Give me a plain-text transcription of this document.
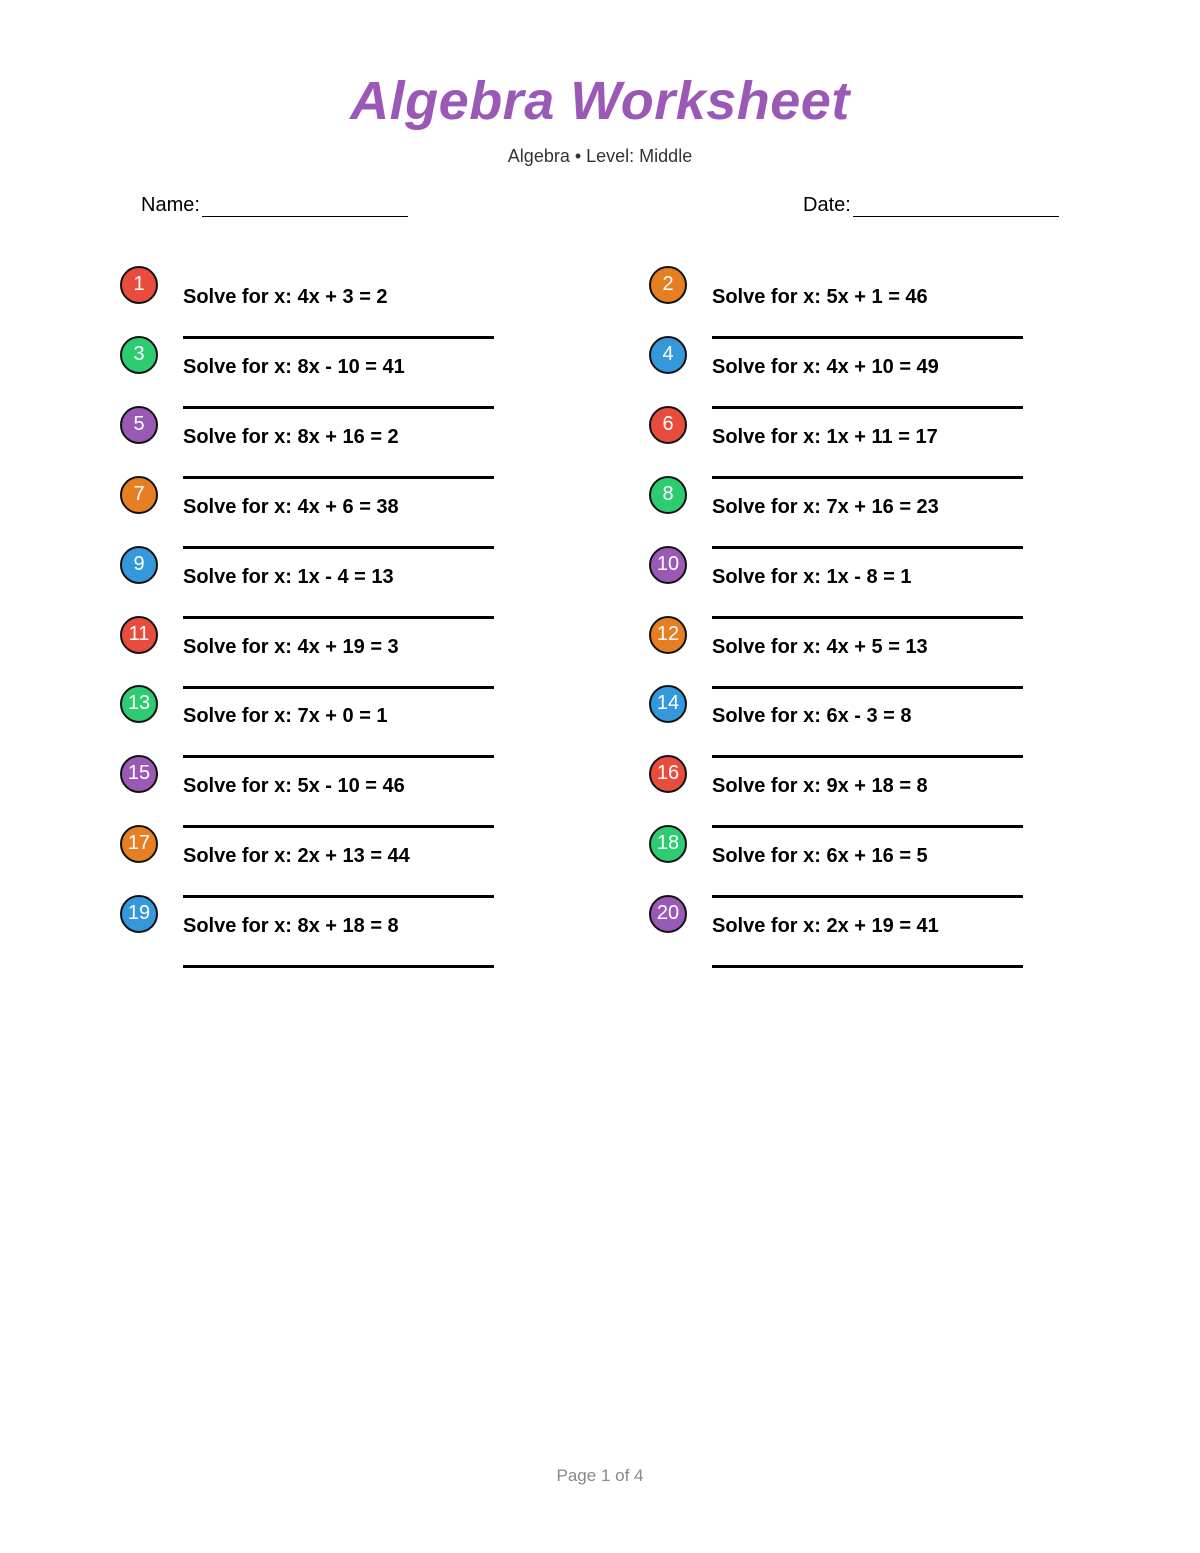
Algebra Worksheet
Algebra • Level: Middle
Name:	Date:
1
Solve for x: 4x + 3 = 2
2
Solve for x: 5x + 1 = 46
3
Solve for x: 8x - 10 = 41
4
Solve for x: 4x + 10 = 49
5
Solve for x: 8x + 16 = 2
6
Solve for x: 1x + 11 = 17
7
Solve for x: 4x + 6 = 38
8
Solve for x: 7x + 16 = 23
9
Solve for x: 1x - 4 = 13
10
Solve for x: 1x - 8 = 1
11
Solve for x: 4x + 19 = 3
12
Solve for x: 4x + 5 = 13
13
Solve for x: 7x + 0 = 1
14
Solve for x: 6x - 3 = 8
15
Solve for x: 5x - 10 = 46
16
Solve for x: 9x + 18 = 8
17
Solve for x: 2x + 13 = 44
18
Solve for x: 6x + 16 = 5
19
Solve for x: 8x + 18 = 8
20
Solve for x: 2x + 19 = 41
Page 1 of 4
